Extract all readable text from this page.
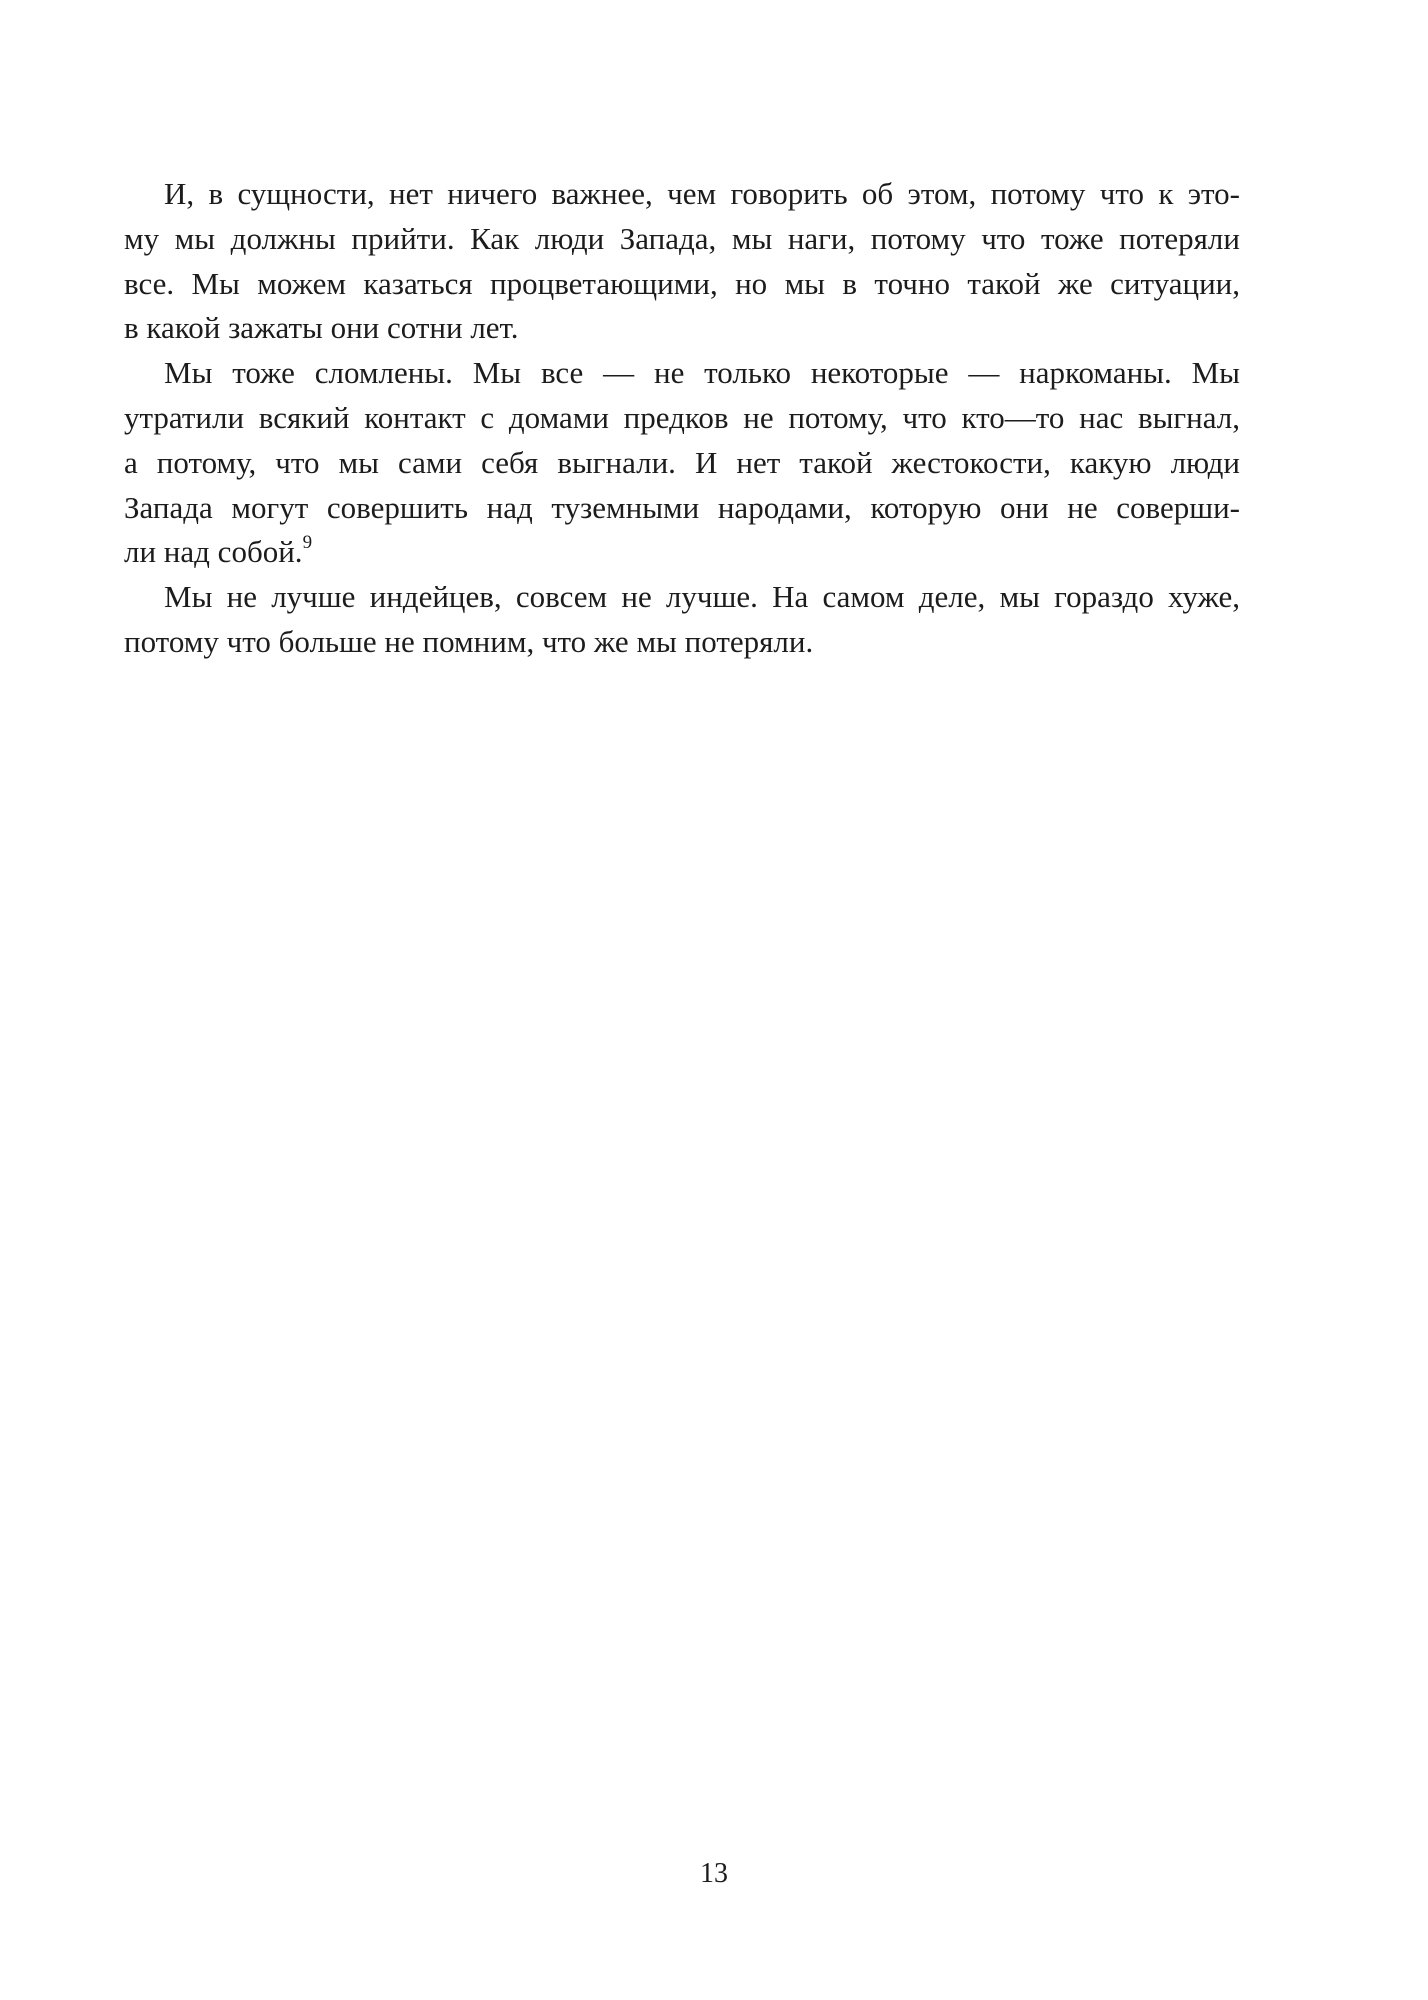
И, в сущности, нет ничего важнее, чем говорить об этом, потому что к это-
му мы должны прийти. Как люди Запада, мы наги, потому что тоже потеряли
все. Мы можем казаться процветающими, но мы в точно такой же ситуации,
в какой зажаты они сотни лет.
Мы тоже сломлены. Мы все — не только некоторые — наркоманы. Мы
утратили всякий контакт с домами предков не потому, что кто—то нас выгнал,
а потому, что мы сами себя выгнали. И нет такой жестокости, какую люди
Запада могут совершить над туземными народами, которую они не соверши-
ли над собой.$^9$
Мы не лучше индейцев, совсем не лучше. На самом деле, мы гораздо хуже,
потому что больше не помним, что же мы потеряли.
13
